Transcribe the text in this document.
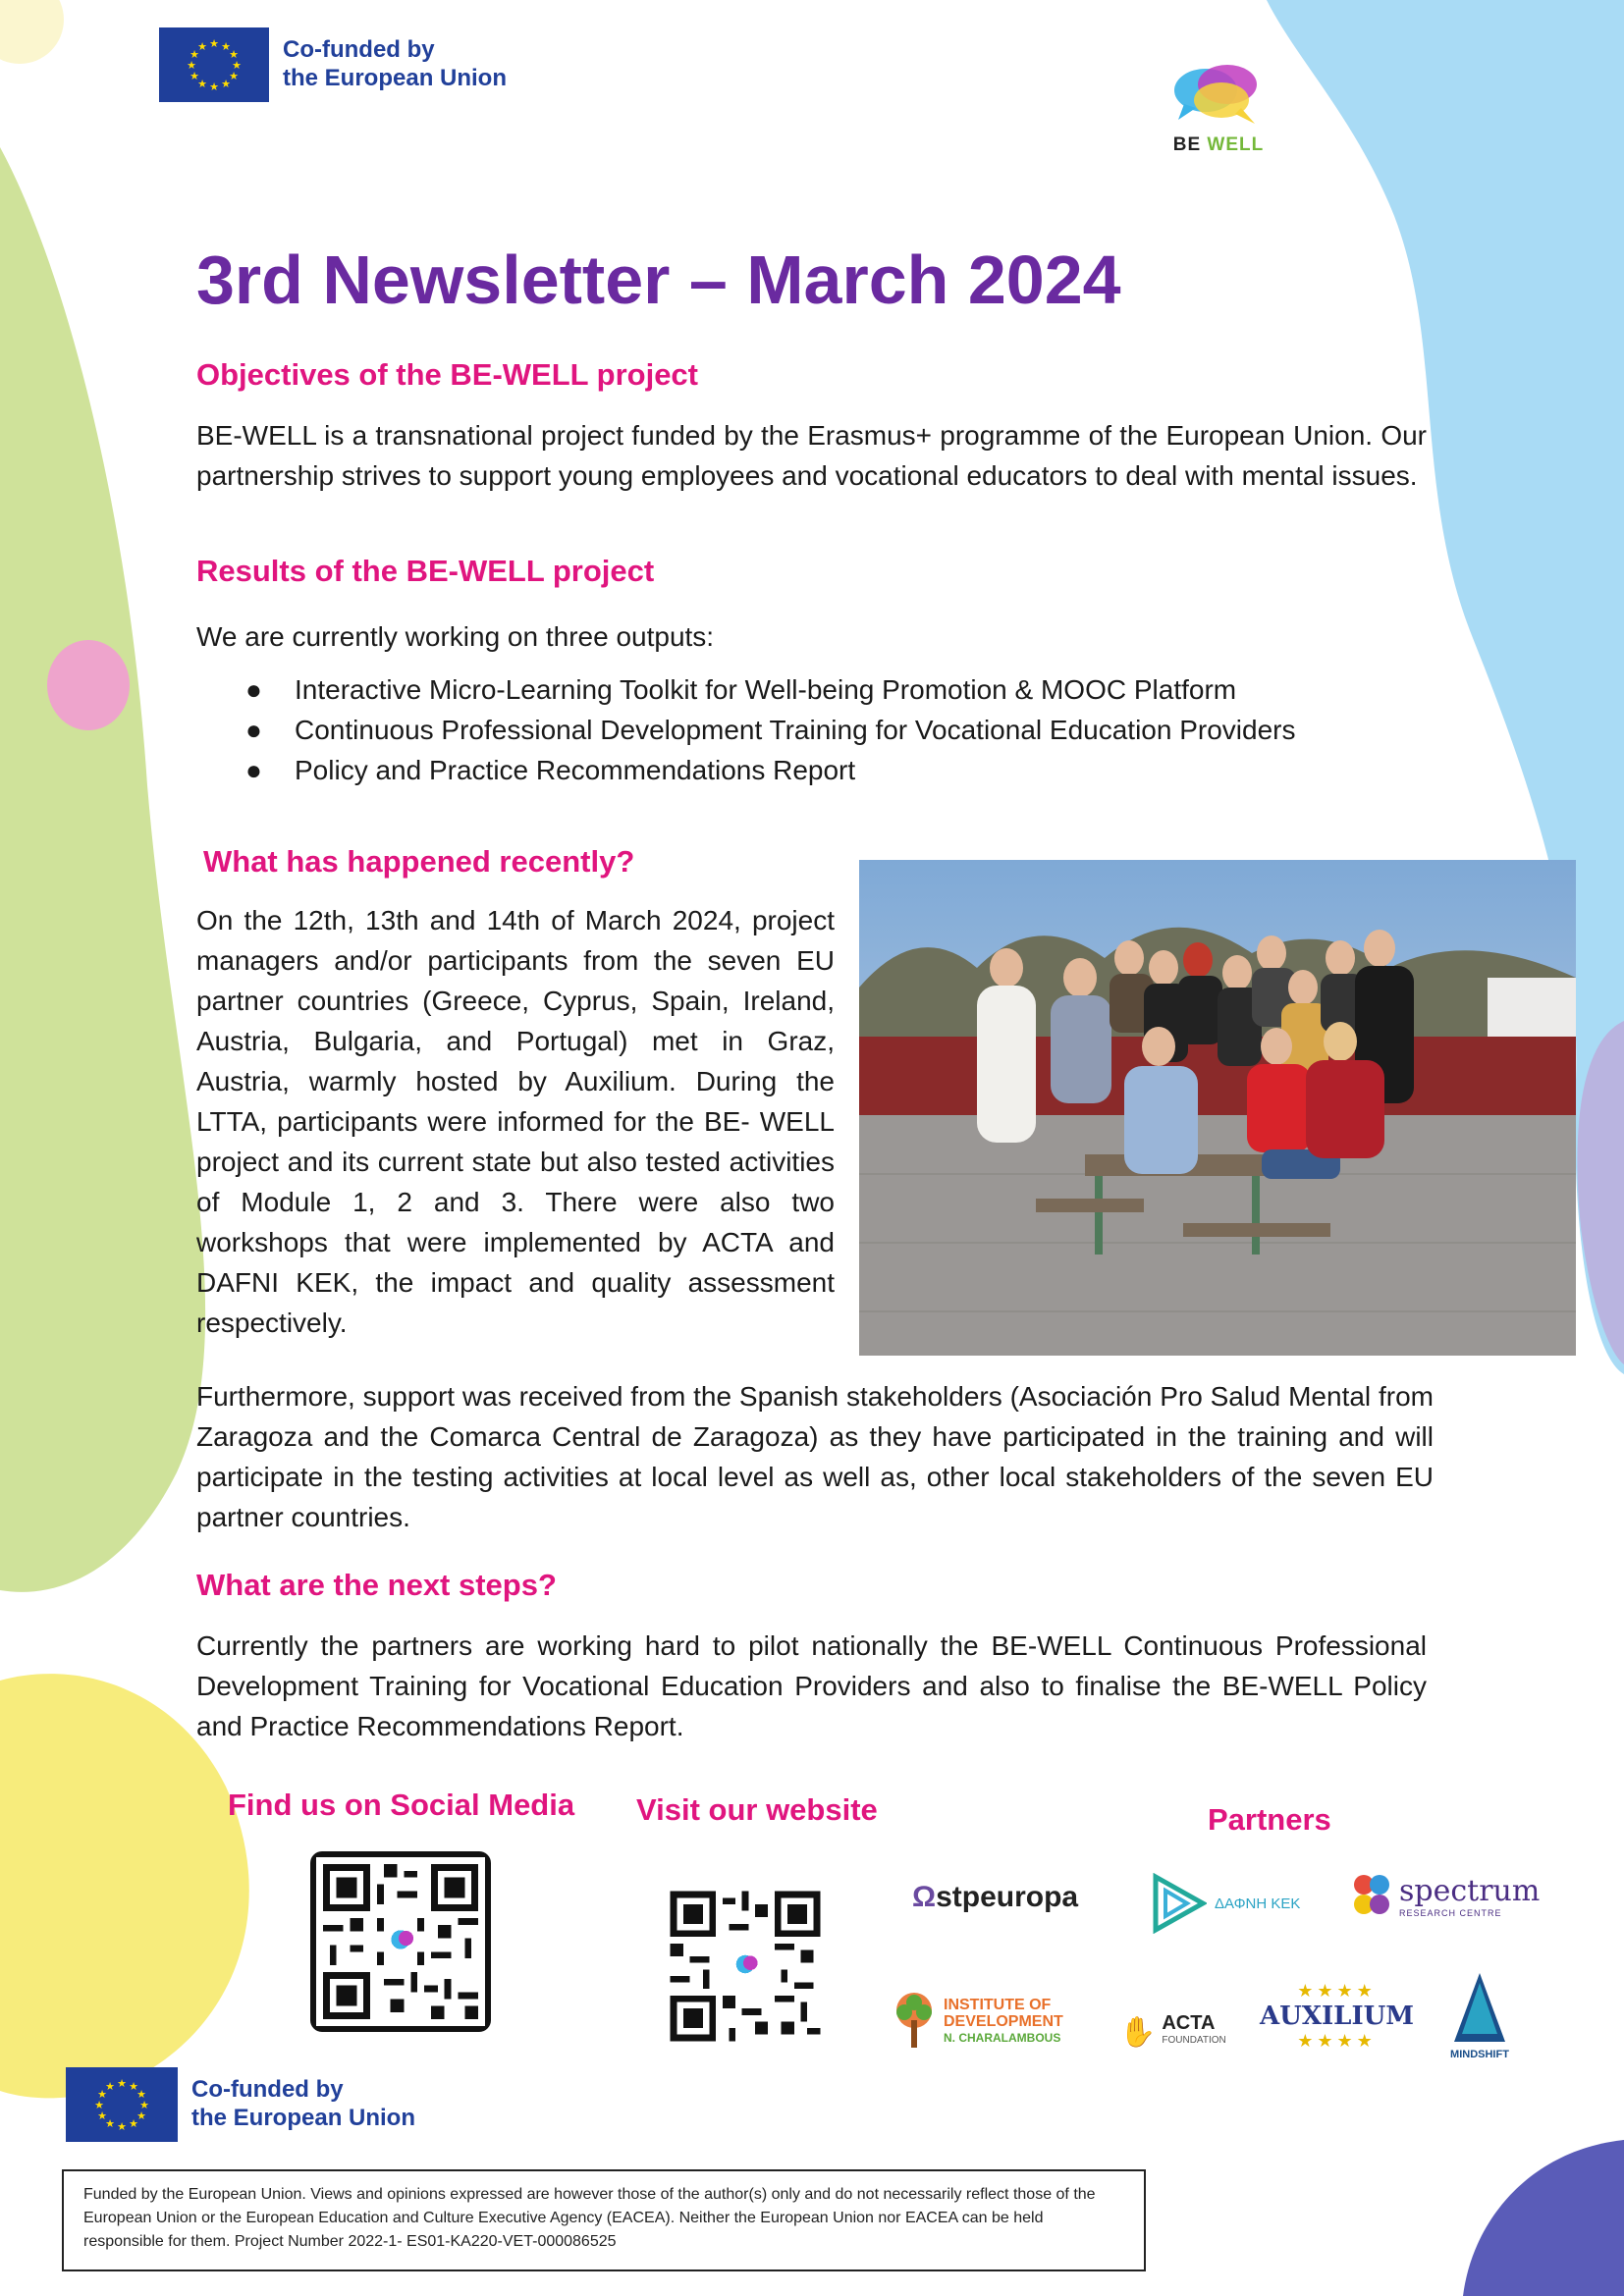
★ ★
★
★
★
★
★
★
★
★
★
★	Co-funded by
the European Union
BE WELL
3rd Newsletter – March 2024
Objectives of the BE-WELL project

BE-WELL is a transnational project funded by the Erasmus+ programme of the European Union. Our partnership strives to support young employees and vocational educators to deal with mental issues.

Results of the BE-WELL project

We are currently working on three outputs:

● Interactive Micro-Learning Toolkit for Well-being Promotion & MOOC Platform
● Continuous Professional Development Training for Vocational Education Providers
● Policy and Practice Recommendations Report
What has happened recently?

On the 12th, 13th and 14th of March 2024, project managers and/or participants from the seven EU partner countries (Greece, Cyprus, Spain, Ireland, Austria, Bulgaria, and Portugal) met in Graz, Austria, warmly hosted by Auxilium. During the LTTA, participants were informed for the BE- WELL project and its current state but also tested activities of Module 1, 2 and 3. There were also two workshops that were implemented by ACTA and DAFNI KEK, the impact and quality assessment respectively.

Furthermore, support was received from the Spanish stakeholders (Asociación Pro Salud Mental from Zaragoza and the Comarca Central de Zaragoza) as they have participated in the training and will participate in the testing activities at local level as well as, other local stakeholders of the seven EU partner countries.

What are the next steps?

Currently the partners are working hard to pilot nationally the BE-WELL Continuous Professional Development Training for Vocational Education Providers and also to finalise the BE-WELL Policy and Practice Recommendations Report.

Find us on Social Media Visit our website	Partners
Ωstpeuropa	ΔΑΦΝΗ ΚΕΚ	spectrum
RESEARCH CENTRE
INSTITUTE OF
DEVELOPMENT
N. CHARALAMBOUS ✋ ACTA
FOUNDATION
★★★★
AUXILIUM
★★★★
MINDSHIFT
★ ★
★
★
★
★
★
★
★
★
★
★	Co-funded by
the European Union
Funded by the European Union. Views and opinions expressed are however those of the author(s) only and do not necessarily reflect those of the European Union or the European Education and Culture Executive Agency (EACEA). Neither the European Union nor EACEA can be held responsible for them. Project Number 2022-1- ES01-KA220-VET-000086525
